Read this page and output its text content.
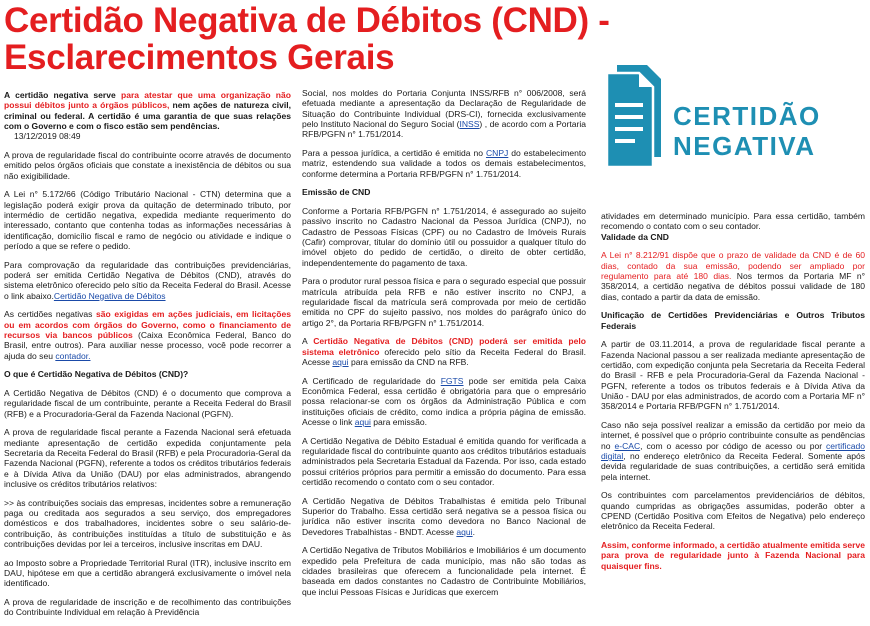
Certidão Negativa de Débitos (CND) -
Esclarecimentos Gerais
CERTIDÃO
NEGATIVA

A certidão negativa serve para atestar que uma organização não possui débitos junto a órgãos públicos, nem ações de natureza civil, criminal ou federal. A certidão é uma garantia de que suas relações com o Governo e com o fisco estão sem pendências.
13/12/2019 08:49

A prova de regularidade fiscal do contribuinte ocorre através de documento emitido pelos órgãos oficiais que constate a inexistência de débitos ou sua não exigibilidade.

A Lei n° 5.172/66 (Código Tributário Nacional - CTN) determina que a legislação poderá exigir prova da quitação de determinado tributo, por intermédio de certidão negativa, expedida mediante requerimento do interessado, contanto que contenha todas as informações necessárias à identificação, domicílio fiscal e ramo de negócio ou atividade e indique o período a que se refere o pedido.

Para comprovação da regularidade das contribuições previdenciárias, poderá ser emitida Certidão Negativa de Débitos (CND), através do sistema eletrônico oferecido pelo sítio da Receita Federal do Brasil. Acesse o link abaixo.Certidão Negativa de Débitos

As certidões negativas são exigidas em ações judiciais, em licitações ou em acordos com órgãos do Governo, como o financiamento de recursos via bancos públicos (Caixa Econômica Federal, Banco do Brasil, entre outros). Para auxiliar nesse processo, você pode recorrer a ajuda do seu contador.

O que é Certidão Negativa de Débitos (CND)?

A Certidão Negativa de Débitos (CND) é o documento que comprova a regularidade fiscal de um contribuinte, perante a Receita Federal do Brasil (RFB) e a Procuradoria-Geral da Fazenda Nacional (PGFN).

A prova de regularidade fiscal perante a Fazenda Nacional será efetuada mediante apresentação de certidão expedida conjuntamente pela Secretaria da Receita Federal do Brasil (RFB) e pela Procuradoria-Geral da Fazenda Nacional (PGFN), referente a todos os créditos tributários federais e à Dívida Ativa da União (DAU) por elas administrados, abrangendo inclusive os créditos tributários relativos:

>> às contribuições sociais das empresas, incidentes sobre a remuneração paga ou creditada aos segurados a seu serviço, dos empregadores domésticos e dos trabalhadores, incidentes sobre o seu salário-de-contribuição, às contribuições instituídas a título de substituição e às contribuições devidas por lei a terceiros, inclusive inscritas em DAU.

ao Imposto sobre a Propriedade Territorial Rural (ITR), inclusive inscrito em DAU, hipótese em que a certidão abrangerá exclusivamente o imóvel nela identificado.

A prova de regularidade de inscrição e de recolhimento das contribuições do Contribuinte Individual em relação à Previdência

Social, nos moldes do Portaria Conjunta INSS/RFB n° 006/2008, será efetuada mediante a apresentação da Declaração de Regularidade de Situação do Contribuinte Individual (DRS-CI), fornecida exclusivamente pelo Instituto Nacional do Seguro Social (INSS) , de acordo com a Portaria RFB/PGFN n° 1.751/2014.

Para a pessoa jurídica, a certidão é emitida no CNPJ do estabelecimento matriz, estendendo sua validade a todos os demais estabelecimentos, conforme determina a Portaria RFB/PGFN n° 1.751/2014.

Emissão de CND

Conforme a Portaria RFB/PGFN n° 1.751/2014, é assegurado ao sujeito passivo inscrito no Cadastro Nacional da Pessoa Jurídica (CNPJ), no Cadastro de Pessoas Físicas (CPF) ou no Cadastro de Imóveis Rurais (Cafir) comprovar, titular do domínio útil ou possuidor a qualquer título do imóvel objeto do pedido de certidão, o direito de obter certidão, independentemente do pagamento de taxa.

Para o produtor rural pessoa física e para o segurado especial que possuir matrícula atribuída pela RFB e não estiver inscrito no CNPJ, a regularidade fiscal da matrícula será comprovada por meio de certidão emitida no CPF do sujeito passivo, nos moldes do parágrafo único do artigo 2°, da Portaria RFB/PGFN n° 1.751/2014.

A Certidão Negativa de Débitos (CND) poderá ser emitida pelo sistema eletrônico oferecido pelo sítio da Receita Federal do Brasil. Acesse aqui para emissão da CND na RFB.

A Certificado de regularidade do FGTS pode ser emitida pela Caixa Econômica Federal, essa certidão é obrigatória para que o empresário possa relacionar-se com os órgãos da Administração Pública e com instituições oficiais de crédito, como indica a própria página de emissão. Acesse o link aqui para emissão.

A Certidão Negativa de Débito Estadual é emitida quando for verificada a regularidade fiscal do contribuinte quanto aos créditos tributários estaduais administrados pela Secretaria Estadual da Fazenda. Por isso, cada estado possui critérios próprios para permitir a emissão do documento. Para essa certidão recomendo o contato com o seu contador.

A Certidão Negativa de Débitos Trabalhistas é emitida pelo Tribunal Superior do Trabalho. Essa certidão será negativa se a pessoa física ou jurídica não estiver inscrita como devedora no Banco Nacional de Devedores Trabalhistas - BNDT. Acesse aqui.

A Certidão Negativa de Tributos Mobiliários e Imobiliários é um documento expedido pela Prefeitura de cada município, mas não são todas as cidades brasileiras que oferecem a funcionalidade pela internet. É baseada em dados constantes no Cadastro de Contribuinte Mobiliários, que inclui Pessoas Físicas e Jurídicas que exercem

atividades em determinado município. Para essa certidão, também recomendo o contato com o seu contador.

Validade da CND

A Lei n° 8.212/91 dispõe que o prazo de validade da CND é de 60 dias, contado da sua emissão, podendo ser ampliado por regulamento para até 180 dias. Nos termos da Portaria MF n° 358/2014, a certidão negativa de débitos possui validade de 180 dias, contado a partir da data de emissão.

Unificação de Certidões Previdenciárias e Outros Tributos Federais

A partir de 03.11.2014, a prova de regularidade fiscal perante a Fazenda Nacional passou a ser realizada mediante apresentação de certidão, com expedição conjunta pela Secretaria da Receita Federal do Brasil - RFB e pela Procuradoria-Geral da Fazenda Nacional - PGFN, referente a todos os tributos federais e à Dívida Ativa da União - DAU por elas administrados, de acordo com a Portaria MF n° 358/2014 e Portaria RFB/PGFN n° 1.751/2014.

Caso não seja possível realizar a emissão da certidão por meio da internet, é possível que o próprio contribuinte consulte as pendências no e-CAC, com o acesso por código de acesso ou por certificado digital, no endereço eletrônico da Receita Federal. Somente após devida regularidade de suas contribuições, a certidão será emitida pela internet.

Os contribuintes com parcelamentos previdenciários de débitos, quando cumpridas as obrigações assumidas, poderão obter a CPEND (Certidão Positiva com Efeitos de Negativa) pelo endereço eletrônico da Receita Federal.

Assim, conforme informado, a certidão atualmente emitida serve para prova de regularidade junto à Fazenda Nacional para quaisquer fins.
